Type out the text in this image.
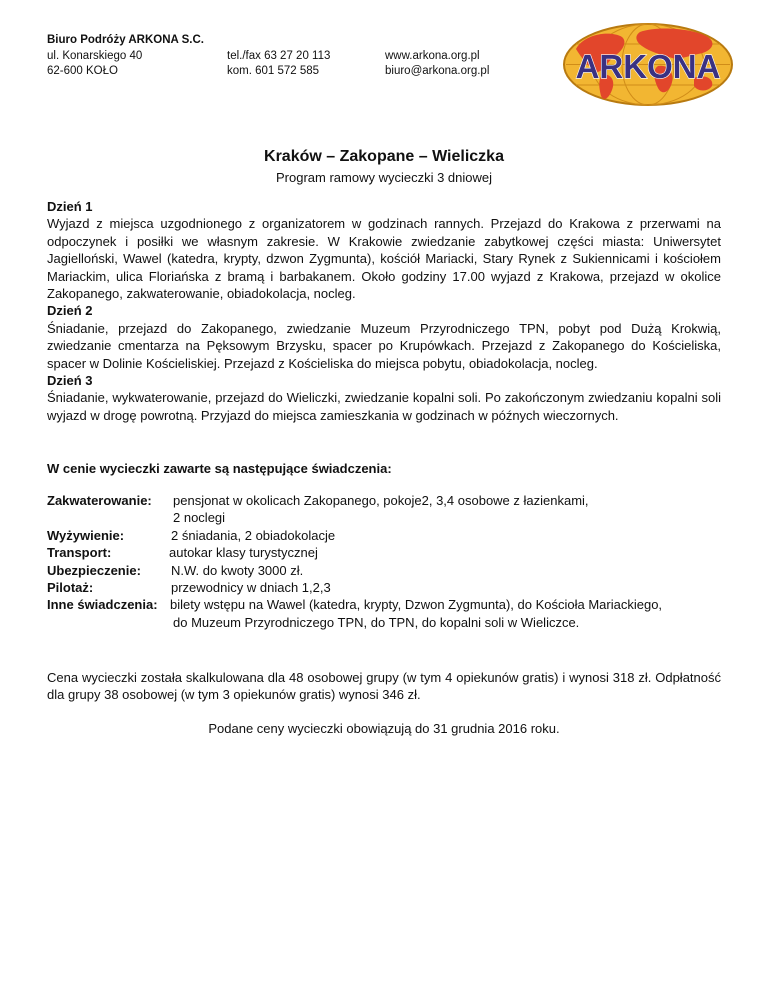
Biuro Podróży ARKONA S.C.
ul. Konarskiego 40
62-600 KOŁO

tel./fax 63 27 20 113
kom. 601 572 585

www.arkona.org.pl
biuro@arkona.org.pl	ARKONA
Kraków – Zakopane – Wieliczka
Program ramowy wycieczki 3 dniowej
Dzień 1
Wyjazd z miejsca uzgodnionego z organizatorem w godzinach rannych. Przejazd do Krakowa z przerwami na odpoczynek i posiłki we własnym zakresie. W Krakowie zwiedzanie zabytkowej części miasta: Uniwersytet Jagielloński, Wawel (katedra, krypty, dzwon Zygmunta), kościół Mariacki, Stary Rynek z Sukiennicami i kościołem Mariackim, ulica Floriańska z bramą i barbakanem. Około godziny 17.00 wyjazd z Krakowa, przejazd w okolice Zakopanego, zakwaterowanie, obiadokolacja, nocleg.
Dzień 2
Śniadanie, przejazd do Zakopanego, zwiedzanie Muzeum Przyrodniczego TPN, pobyt pod Dużą Krokwią, zwiedzanie cmentarza na Pęksowym Brzysku, spacer po Krupówkach. Przejazd z Zakopanego do Kościeliska, spacer w Dolinie Kościeliskiej. Przejazd z Kościeliska do miejsca pobytu, obiadokolacja, nocleg.
Dzień 3
Śniadanie, wykwaterowanie, przejazd do Wieliczki, zwiedzanie kopalni soli. Po zakończonym zwiedzaniu kopalni soli wyjazd w drogę powrotną. Przyjazd do miejsca zamieszkania w godzinach w późnych wieczornych.
W cenie wycieczki zawarte są następujące świadczenia:
Zakwaterowanie:	pensjonat w okolicach Zakopanego, pokoje2, 3,4 osobowe z łazienkami,
2 noclegi
Wyżywienie:	2 śniadania, 2 obiadokolacje
Transport:	autokar klasy turystycznej
Ubezpieczenie:	N.W. do kwoty 3000 zł.
Pilotaż:	przewodnicy w dniach 1,2,3
Inne świadczenia: bilety wstępu na Wawel (katedra, krypty, Dzwon Zygmunta), do Kościoła Mariackiego,
do Muzeum Przyrodniczego TPN, do TPN, do kopalni soli w Wieliczce.
Cena wycieczki została skalkulowana dla 48 osobowej grupy (w tym 4 opiekunów gratis) i wynosi 318 zł. Odpłatność dla grupy 38 osobowej (w tym 3 opiekunów gratis) wynosi 346 zł.
Podane ceny wycieczki obowiązują do 31 grudnia 2016 roku.
